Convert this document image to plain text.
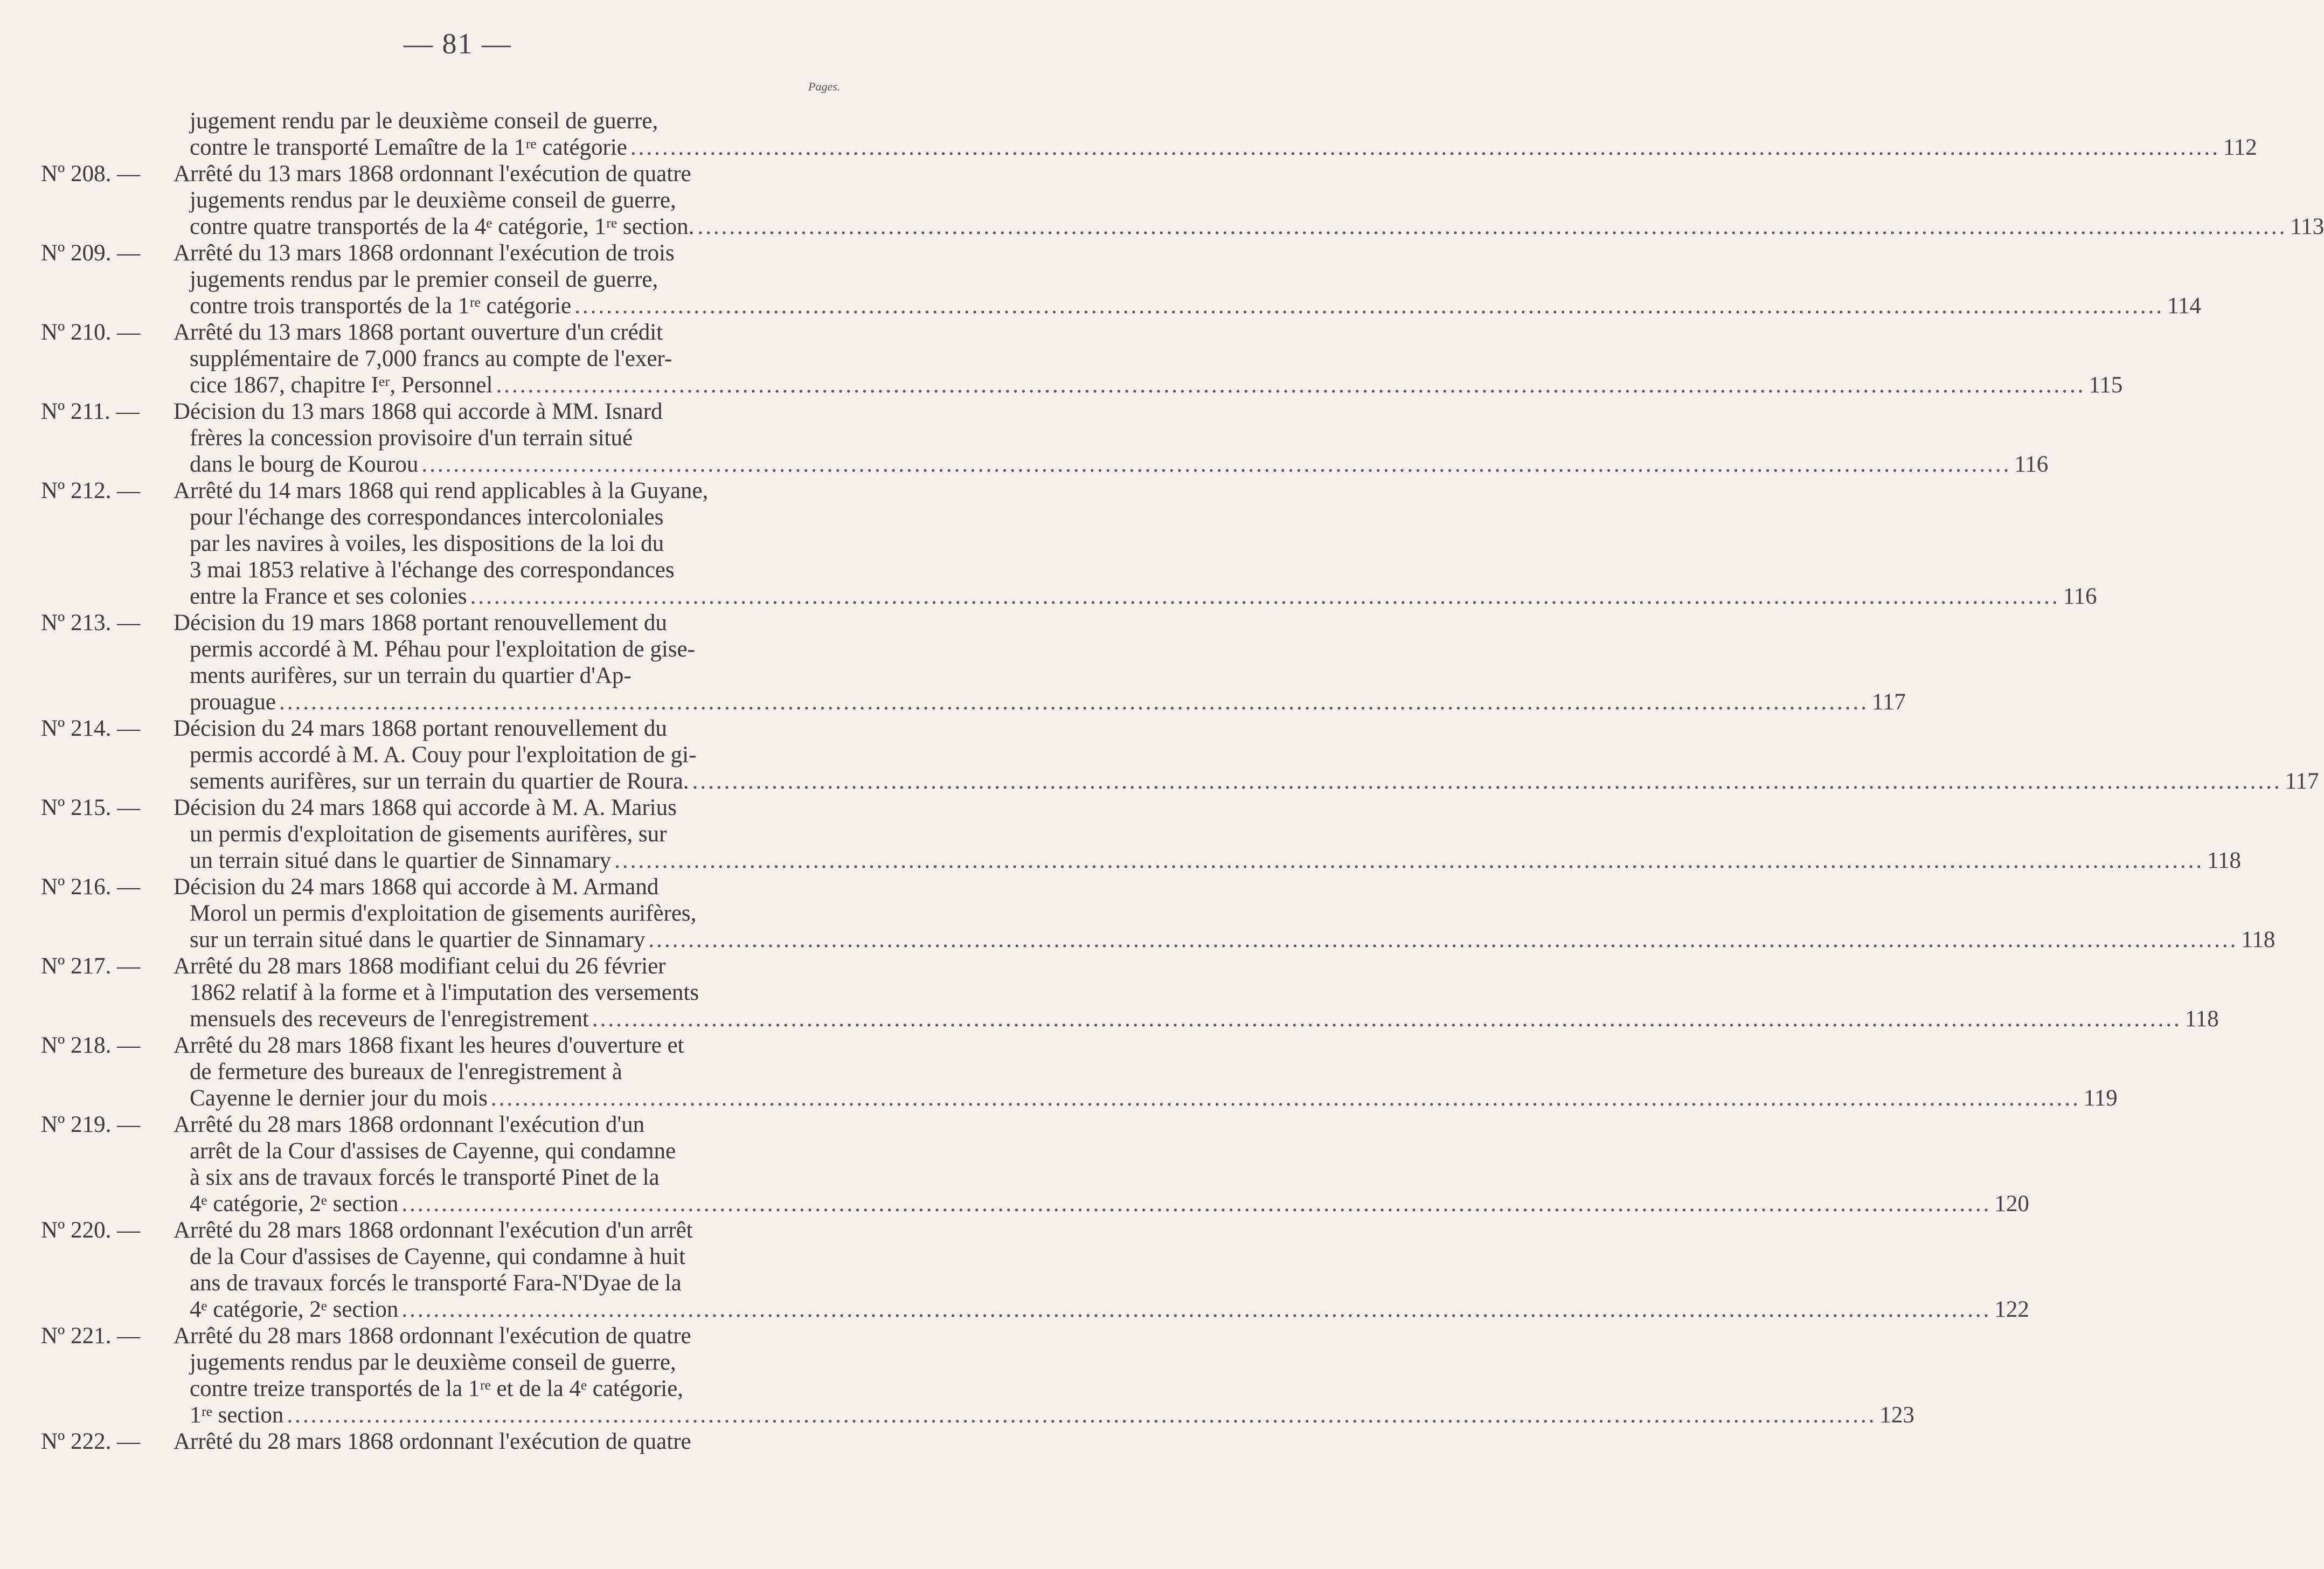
— 81 —
Pages.
jugement rendu par le deuxième conseil de guerre,
contre le transporté Lemaître de la 1ʳᵉ catégorie ........................................................................................................................................................................................................ 112
Nº 208. —	Arrêté du 13 mars 1868 ordonnant l'exécution de quatre
jugements rendus par le deuxième conseil de guerre,
contre quatre transportés de la 4ᵉ catégorie, 1ʳᵉ section. ........................................................................................................................................................................................................ 113
Nº 209. —	Arrêté du 13 mars 1868 ordonnant l'exécution de trois
jugements rendus par le premier conseil de guerre,
contre trois transportés de la 1ʳᵉ catégorie ........................................................................................................................................................................................................ 114
Nº 210. —	Arrêté du 13 mars 1868 portant ouverture d'un crédit
supplémentaire de 7,000 francs au compte de l'exer-
cice 1867, chapitre Iᵉʳ, Personnel ........................................................................................................................................................................................................ 115
Nº 211. —	Décision du 13 mars 1868 qui accorde à MM. Isnard
frères la concession provisoire d'un terrain situé
dans le bourg de Kourou ........................................................................................................................................................................................................ 116
Nº 212. —	Arrêté du 14 mars 1868 qui rend applicables à la Guyane,
pour l'échange des correspondances intercoloniales
par les navires à voiles, les dispositions de la loi du
3 mai 1853 relative à l'échange des correspondances
entre la France et ses colonies ........................................................................................................................................................................................................ 116
Nº 213. —	Décision du 19 mars 1868 portant renouvellement du
permis accordé à M. Péhau pour l'exploitation de gise-
ments aurifères, sur un terrain du quartier d'Ap-
prouague ........................................................................................................................................................................................................ 117
Nº 214. —	Décision du 24 mars 1868 portant renouvellement du
permis accordé à M. A. Couy pour l'exploitation de gi-
sements aurifères, sur un terrain du quartier de Roura. ........................................................................................................................................................................................................ 117
Nº 215. —	Décision du 24 mars 1868 qui accorde à M. A. Marius
un permis d'exploitation de gisements aurifères, sur
un terrain situé dans le quartier de Sinnamary ........................................................................................................................................................................................................ 118
Nº 216. —	Décision du 24 mars 1868 qui accorde à M. Armand
Morol un permis d'exploitation de gisements aurifères,
sur un terrain situé dans le quartier de Sinnamary ........................................................................................................................................................................................................ 118
Nº 217. —	Arrêté du 28 mars 1868 modifiant celui du 26 février
1862 relatif à la forme et à l'imputation des versements
mensuels des receveurs de l'enregistrement ........................................................................................................................................................................................................ 118
Nº 218. —	Arrêté du 28 mars 1868 fixant les heures d'ouverture et
de fermeture des bureaux de l'enregistrement à
Cayenne le dernier jour du mois ........................................................................................................................................................................................................ 119
Nº 219. —	Arrêté du 28 mars 1868 ordonnant l'exécution d'un
arrêt de la Cour d'assises de Cayenne, qui condamne
à six ans de travaux forcés le transporté Pinet de la
4ᵉ catégorie, 2ᵉ section ........................................................................................................................................................................................................ 120
Nº 220. —	Arrêté du 28 mars 1868 ordonnant l'exécution d'un arrêt
de la Cour d'assises de Cayenne, qui condamne à huit
ans de travaux forcés le transporté Fara-N'Dyae de la
4ᵉ catégorie, 2ᵉ section ........................................................................................................................................................................................................ 122
Nº 221. —	Arrêté du 28 mars 1868 ordonnant l'exécution de quatre
jugements rendus par le deuxième conseil de guerre,
contre treize transportés de la 1ʳᵉ et de la 4ᵉ catégorie,
1ʳᵉ section ........................................................................................................................................................................................................ 123
Nº 222. —	Arrêté du 28 mars 1868 ordonnant l'exécution de quatre
